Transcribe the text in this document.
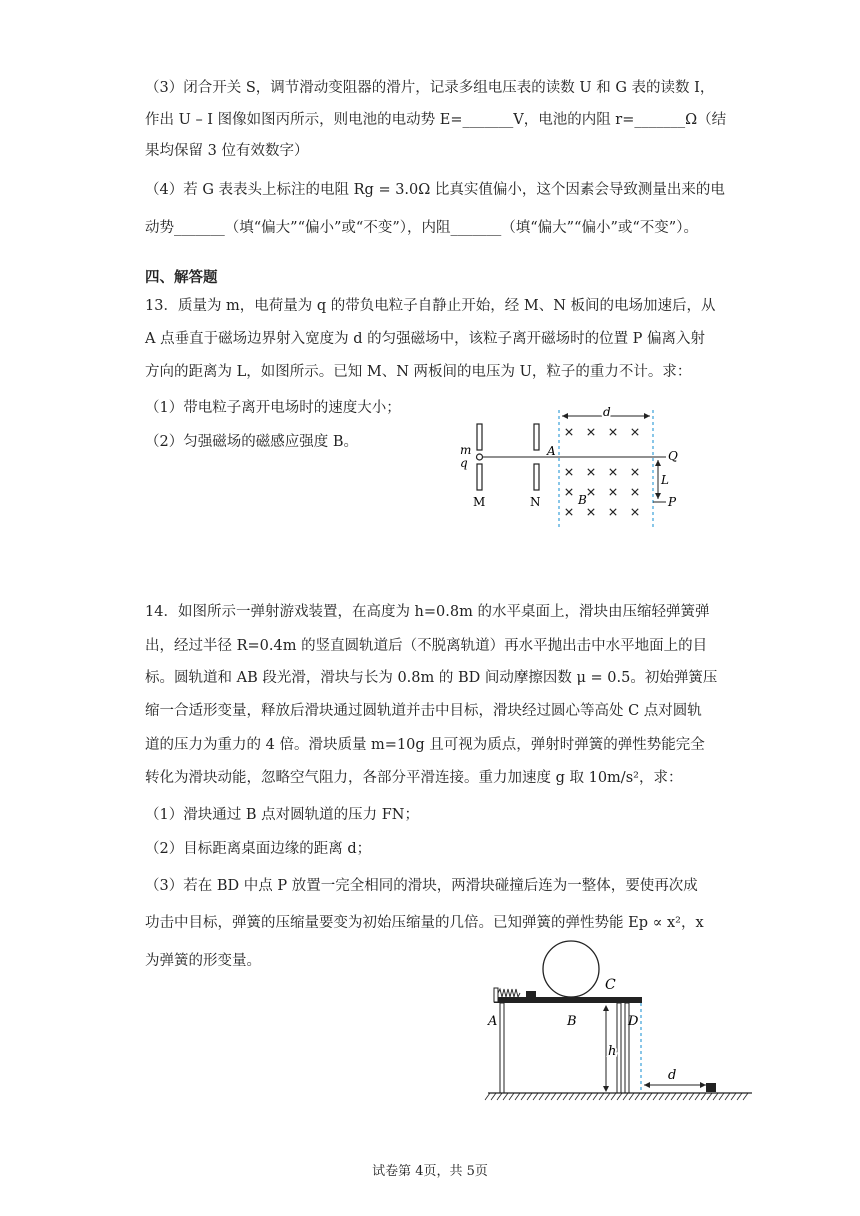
（3）闭合开关 S，调节滑动变阻器的滑片，记录多组电压表的读数 U 和 G 表的读数 I，
作出 U – I 图像如图丙所示，则电池的电动势 E=_______V，电池的内阻 r=_______Ω（结
果均保留 3 位有效数字）
（4）若 G 表表头上标注的电阻 Rg = 3.0Ω 比真实值偏小，这个因素会导致测量出来的电
动势_______（填“偏大”“偏小”或“不变”），内阻_______（填“偏大”“偏小”或“不变”）。
四、解答题
13．质量为 m，电荷量为 q 的带负电粒子自静止开始，经 M、N 板间的电场加速后，从
A 点垂直于磁场边界射入宽度为 d 的匀强磁场中，该粒子离开磁场时的位置 P 偏离入射
方向的距离为 L，如图所示。已知 M、N 两板间的电压为 U，粒子的重力不计。求：
（1）带电粒子离开电场时的速度大小；
（2）匀强磁场的磁感应强度 B。	m
q
M	N
A
d
Q
L
P
B
14．如图所示一弹射游戏装置，在高度为 h=0.8m 的水平桌面上，滑块由压缩轻弹簧弹
出，经过半径 R=0.4m 的竖直圆轨道后（不脱离轨道）再水平抛出击中水平地面上的目
标。圆轨道和 AB 段光滑，滑块与长为 0.8m 的 BD 间动摩擦因数 μ = 0.5。初始弹簧压
缩一合适形变量，释放后滑块通过圆轨道并击中目标，滑块经过圆心等高处 C 点对圆轨
道的压力为重力的 4 倍。滑块质量 m=10g 且可视为质点，弹射时弹簧的弹性势能完全
转化为滑块动能，忽略空气阻力，各部分平滑连接。重力加速度 g 取 10m/s²，求：
（1）滑块通过 B 点对圆轨道的压力 FN；
（2）目标距离桌面边缘的距离 d；
（3）若在 BD 中点 P 放置一完全相同的滑块，两滑块碰撞后连为一整体，要使再次成
功击中目标，弹簧的压缩量要变为初始压缩量的几倍。已知弹簧的弹性势能 Ep ∝ x²，x
为弹簧的形变量。
C
A	B	D
h
d
试卷第 4页，共 5页
